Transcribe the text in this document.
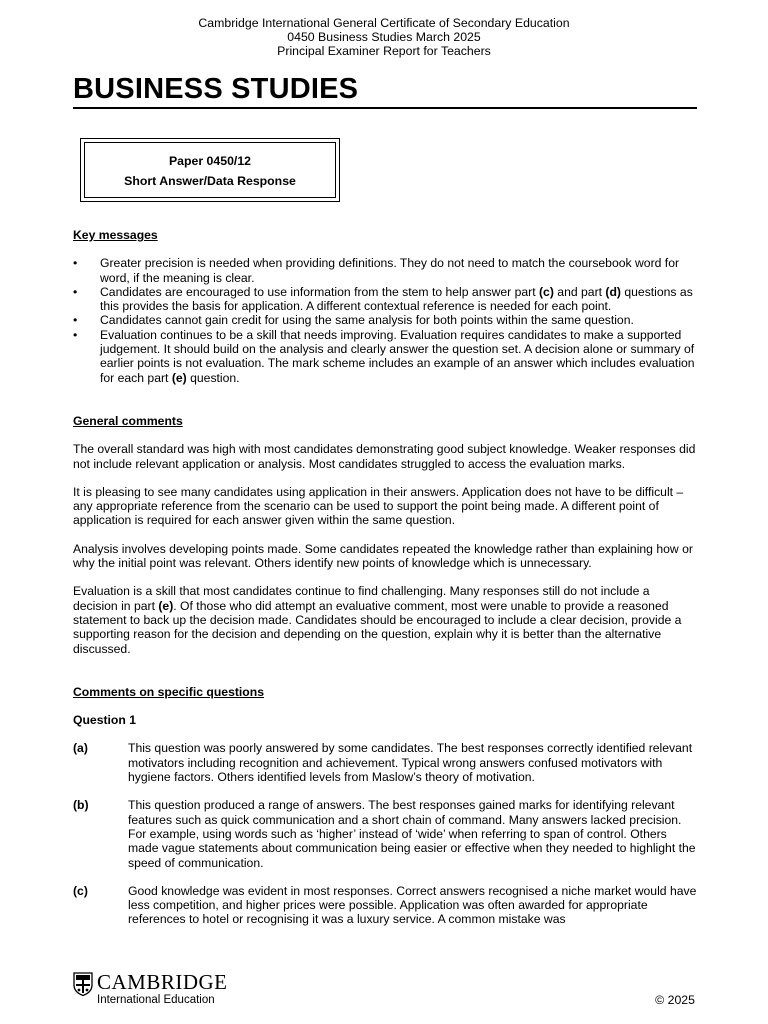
Cambridge International General Certificate of Secondary Education
0450 Business Studies March 2025
Principal Examiner Report for Teachers
BUSINESS STUDIES
Paper 0450/12
Short Answer/Data Response

Key messages

• Greater precision is needed when providing definitions. They do not need to match the coursebook word for word, if the meaning is clear.
• Candidates are encouraged to use information from the stem to help answer part (c) and part (d) questions as this provides the basis for application. A different contextual reference is needed for each point.
• Candidates cannot gain credit for using the same analysis for both points within the same question.
• Evaluation continues to be a skill that needs improving. Evaluation requires candidates to make a supported judgement. It should build on the analysis and clearly answer the question set. A decision alone or summary of earlier points is not evaluation. The mark scheme includes an example of an answer which includes evaluation for each part (e) question.

General comments

The overall standard was high with most candidates demonstrating good subject knowledge. Weaker responses did not include relevant application or analysis. Most candidates struggled to access the evaluation marks.

It is pleasing to see many candidates using application in their answers. Application does not have to be difficult – any appropriate reference from the scenario can be used to support the point being made. A different point of application is required for each answer given within the same question.

Analysis involves developing points made. Some candidates repeated the knowledge rather than explaining how or why the initial point was relevant. Others identify new points of knowledge which is unnecessary.

Evaluation is a skill that most candidates continue to find challenging. Many responses still do not include a decision in part (e). Of those who did attempt an evaluative comment, most were unable to provide a reasoned statement to back up the decision made. Candidates should be encouraged to include a clear decision, provide a supporting reason for the decision and depending on the question, explain why it is better than the alternative discussed.

Comments on specific questions

Question 1

(a)	This question was poorly answered by some candidates. The best responses correctly identified relevant motivators including recognition and achievement. Typical wrong answers confused motivators with hygiene factors. Others identified levels from Maslow’s theory of motivation.
(b)	This question produced a range of answers. The best responses gained marks for identifying relevant features such as quick communication and a short chain of command. Many answers lacked precision. For example, using words such as ‘higher’ instead of ‘wide’ when referring to span of control. Others made vague statements about communication being easier or effective when they needed to highlight the speed of communication.
(c)	Good knowledge was evident in most responses. Correct answers recognised a niche market would have less competition, and higher prices were possible. Application was often awarded for appropriate references to hotel or recognising it was a luxury service. A common mistake was
CAMBRIDGE
International Education	© 2025
